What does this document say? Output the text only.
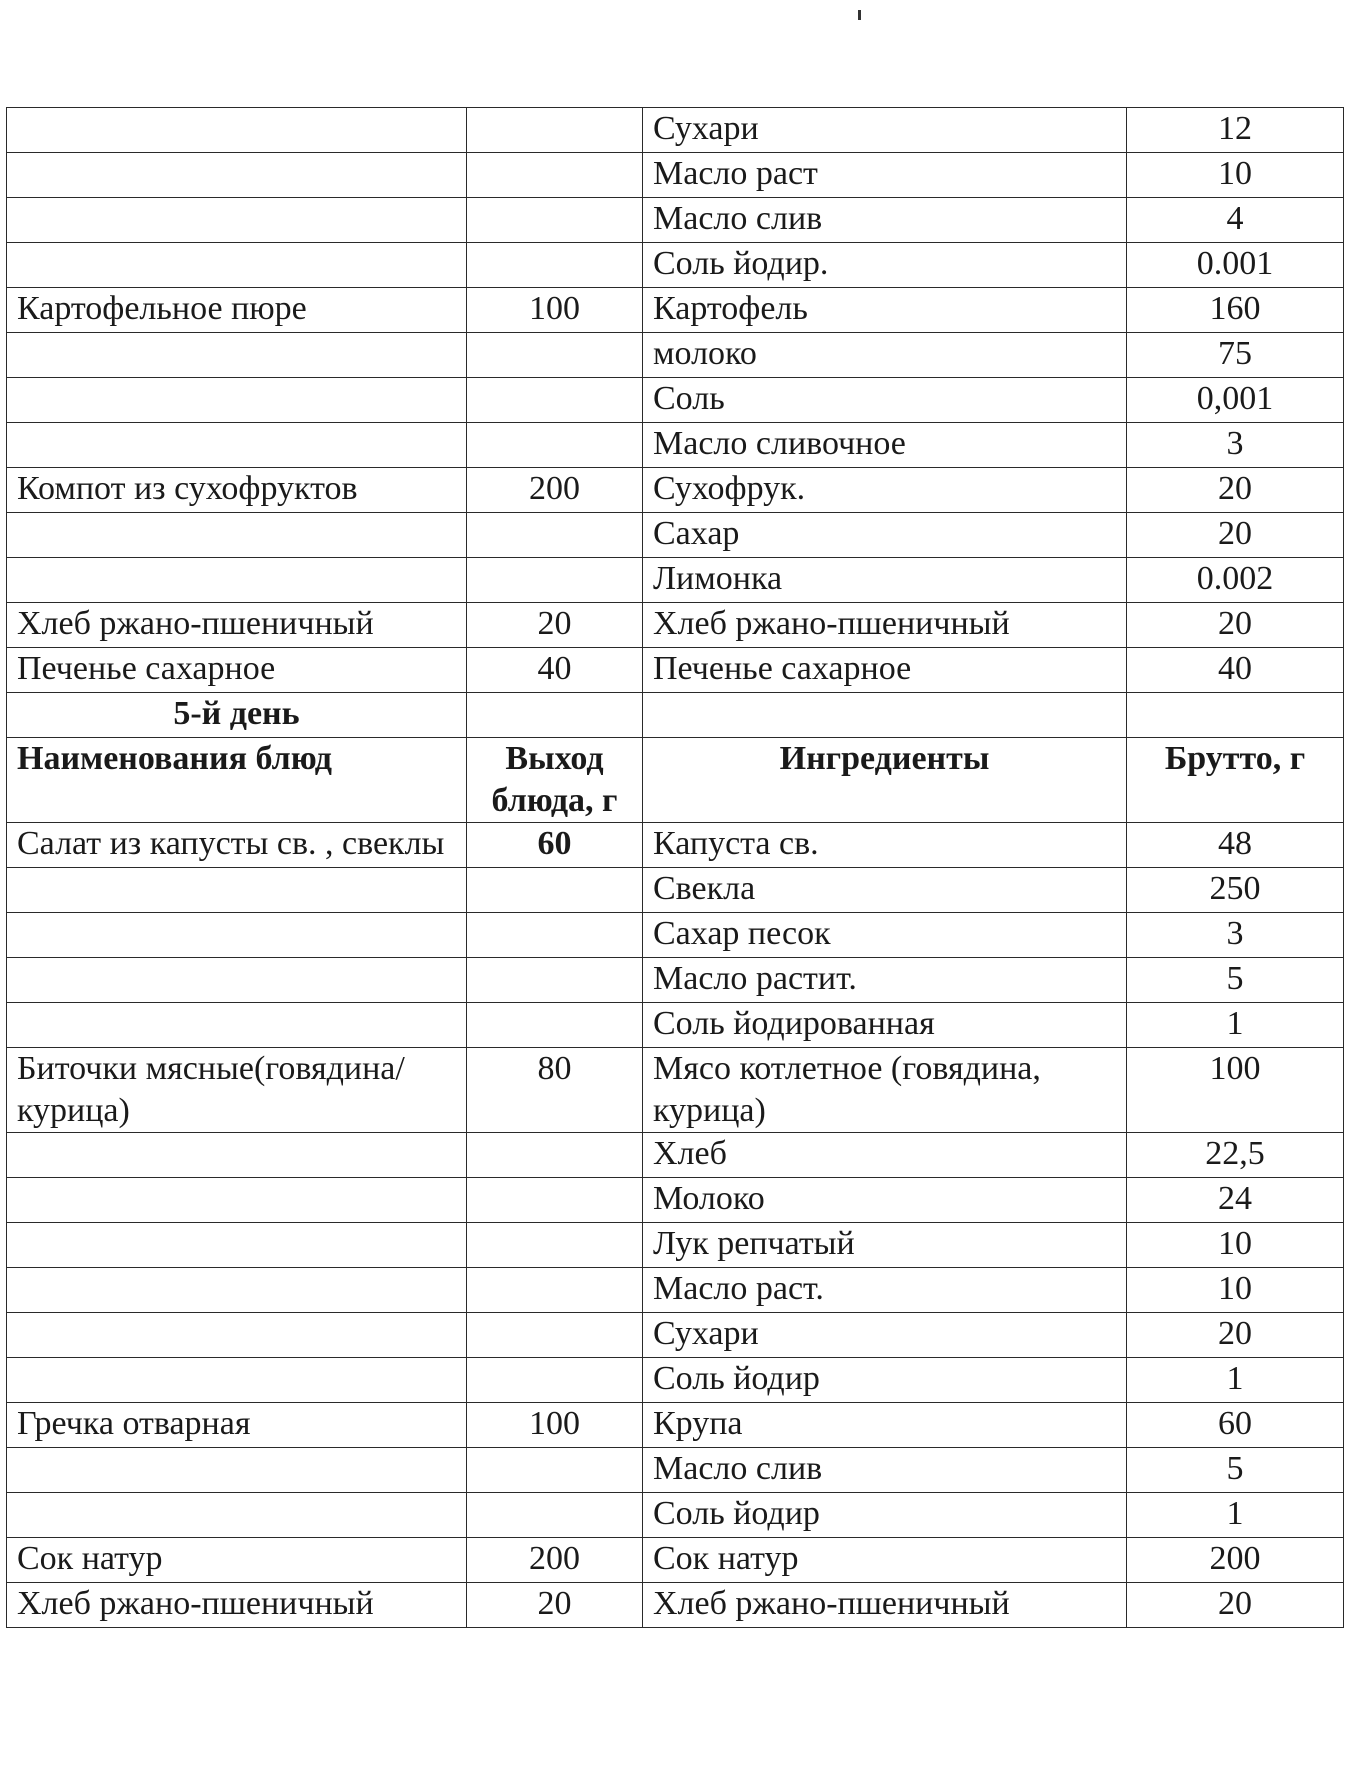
		Сухари	12
		Масло раст	10
		Масло слив	4
		Соль йодир.	0.001
Картофельное пюре	100	Картофель	160
		молоко	75
		Соль	0,001
		Масло сливочное	3
Компот из сухофруктов	200	Сухофрук.	20
		Сахар	20
		Лимонка	0.002
Хлеб ржано-пшеничный	20	Хлеб ржано-пшеничный	20
Печенье сахарное	40	Печенье сахарное	40
5-й день			
Наименования блюд	Выход блюда, г	Ингредиенты	Брутто, г
Салат из капусты св. , свеклы	60	Капуста св.	48
		Свекла	250
		Сахар песок	3
		Масло растит.	5
		Соль йодированная	1
Биточки мясные(говядина/курица)	80	Мясо котлетное (говядина, курица)	100
		Хлеб	22,5
		Молоко	24
		Лук репчатый	10
		Масло раст.	10
		Сухари	20
		Соль йодир	1
Гречка отварная	100	Крупа	60
		Масло слив	5
		Соль йодир	1
Сок натур	200	Сок натур	200
Хлеб ржано-пшеничный	20	Хлеб ржано-пшеничный	20
